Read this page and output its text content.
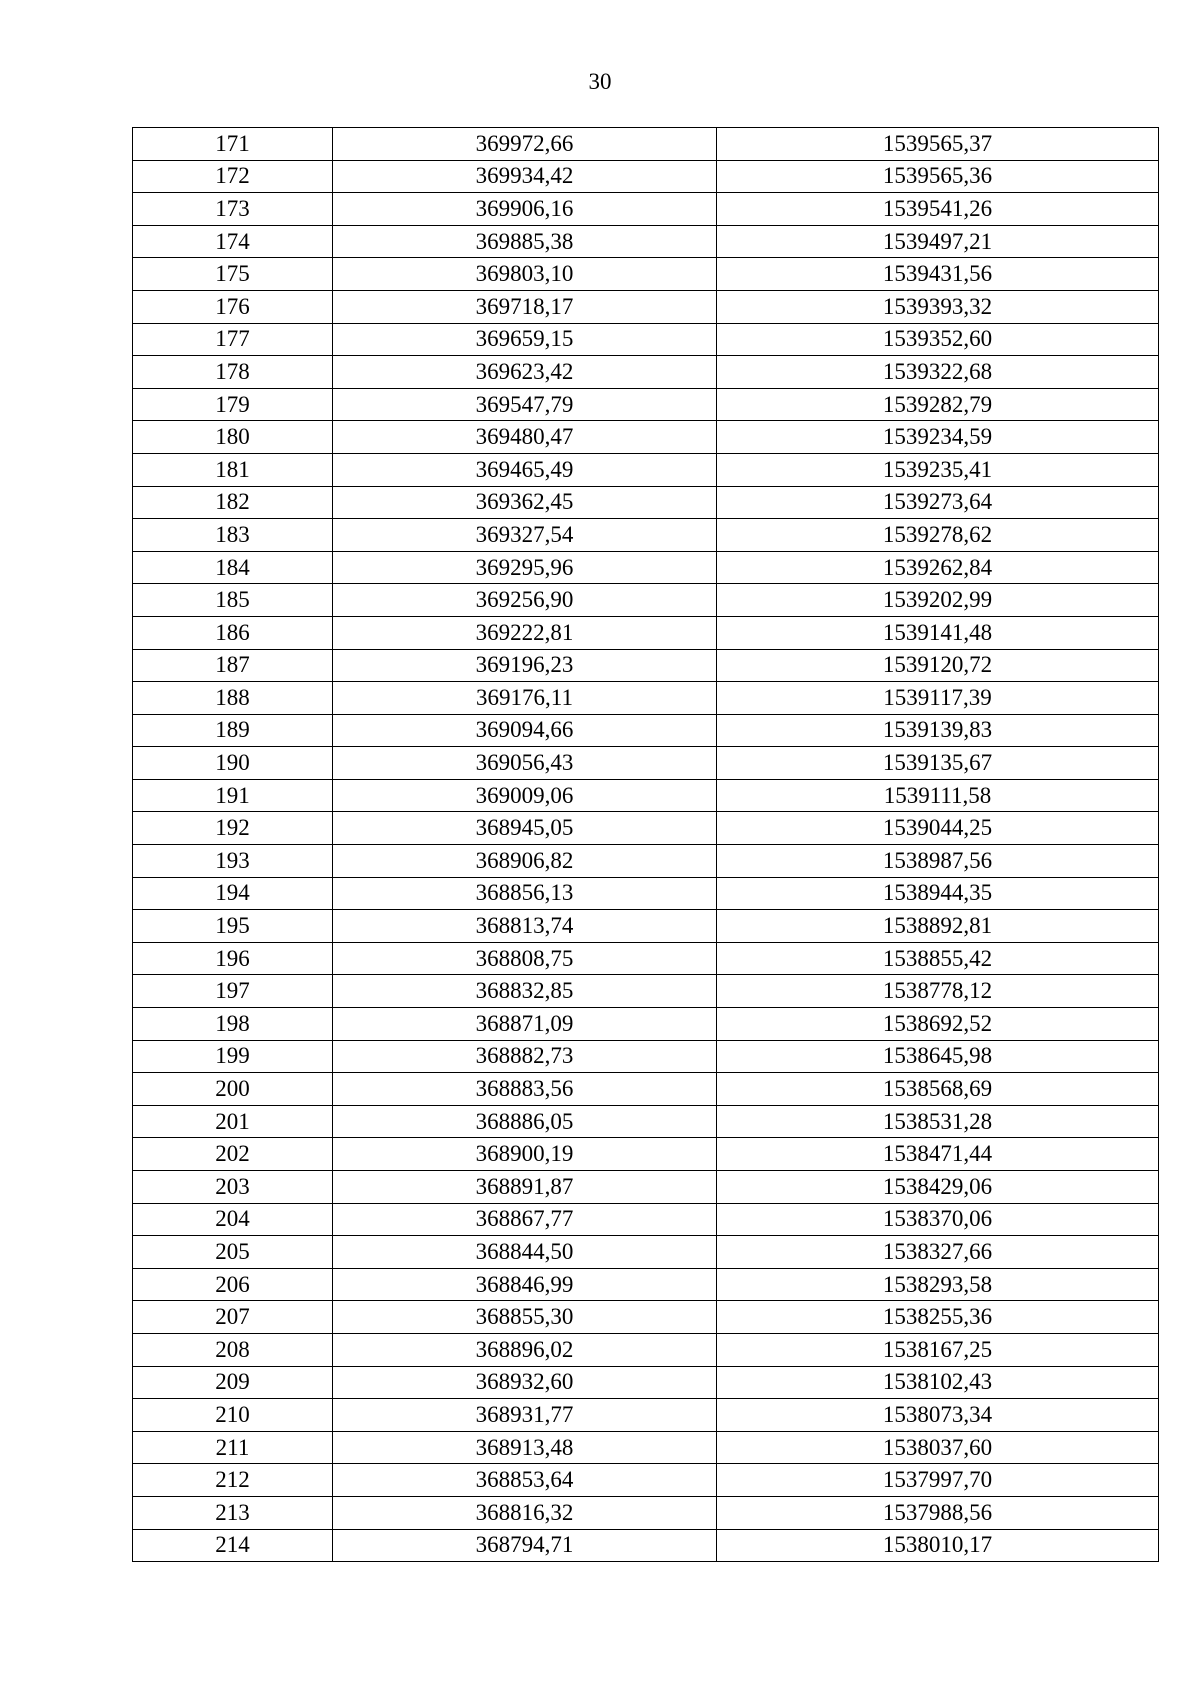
30
171	369972,66	1539565,37
172	369934,42	1539565,36
173	369906,16	1539541,26
174	369885,38	1539497,21
175	369803,10	1539431,56
176	369718,17	1539393,32
177	369659,15	1539352,60
178	369623,42	1539322,68
179	369547,79	1539282,79
180	369480,47	1539234,59
181	369465,49	1539235,41
182	369362,45	1539273,64
183	369327,54	1539278,62
184	369295,96	1539262,84
185	369256,90	1539202,99
186	369222,81	1539141,48
187	369196,23	1539120,72
188	369176,11	1539117,39
189	369094,66	1539139,83
190	369056,43	1539135,67
191	369009,06	1539111,58
192	368945,05	1539044,25
193	368906,82	1538987,56
194	368856,13	1538944,35
195	368813,74	1538892,81
196	368808,75	1538855,42
197	368832,85	1538778,12
198	368871,09	1538692,52
199	368882,73	1538645,98
200	368883,56	1538568,69
201	368886,05	1538531,28
202	368900,19	1538471,44
203	368891,87	1538429,06
204	368867,77	1538370,06
205	368844,50	1538327,66
206	368846,99	1538293,58
207	368855,30	1538255,36
208	368896,02	1538167,25
209	368932,60	1538102,43
210	368931,77	1538073,34
211	368913,48	1538037,60
212	368853,64	1537997,70
213	368816,32	1537988,56
214	368794,71	1538010,17
